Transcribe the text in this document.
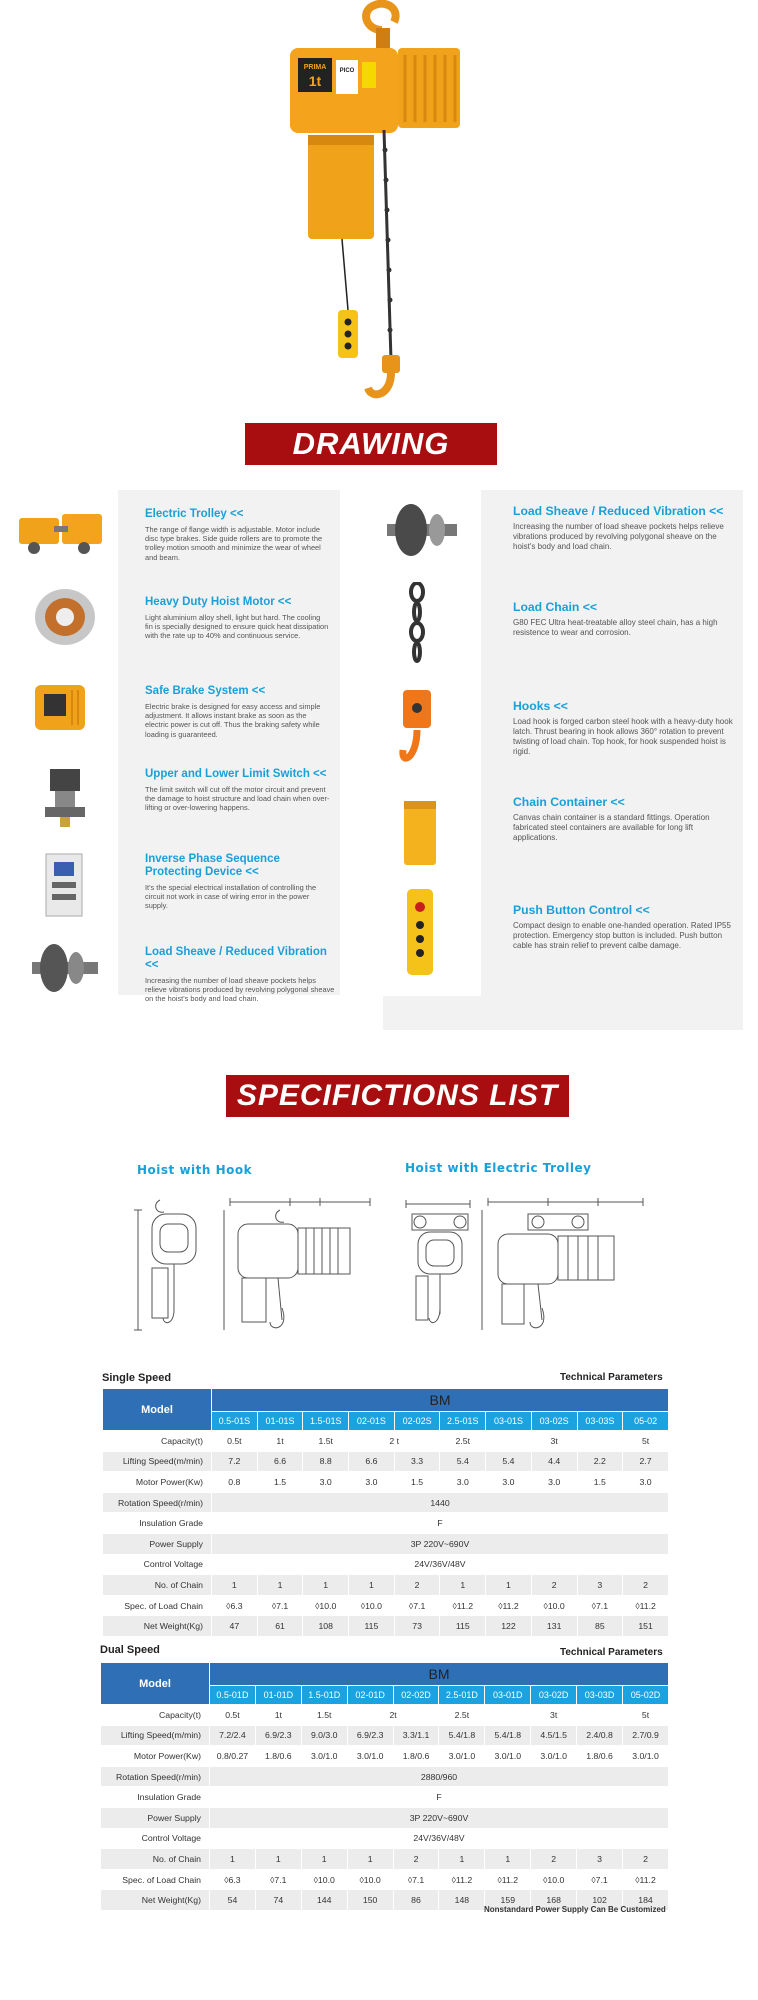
PRIMA
1t
PICO
DRAWING
Electric Trolley <<

The range of flange width is adjustable. Motor include disc type brakes. Side guide rollers are to promote the trolley motion smooth and minimize the wear of wheel and beam.

Heavy Duty Hoist Motor <<

Light aluminium alloy shell, light but hard. The cooling fin is specially designed to ensure quick heat dissipation with the rate up to 40% and continuous service.

Safe Brake System <<

Electric brake is designed for easy access and simple adjustment. It allows instant brake as soon as the electric power is cut off. Thus the braking safety while loading is guaranteed.

Upper and Lower Limit Switch <<

The limit switch will cut off the motor circuit and prevent the damage to hoist structure and load chain when over-lifting or over-lowering happens.

Inverse Phase Sequence
Protecting Device <<

It's the special electrical installation of controlling the circuit not work in case of wiring error in the power supply.

Load Sheave / Reduced Vibration <<

Increasing the number of load sheave pockets helps relieve vibrations produced by revolving polygonal sheave on the hoist's body and load chain.

Load Sheave / Reduced Vibration <<

Increasing the number of load sheave pockets helps relieve vibrations produced by revolving polygonal sheave on the hoist's body and load chain.

Load Chain <<

G80 FEC Ultra heat-treatable alloy steel chain, has a high resistence to wear and corrosion.

Hooks <<

Load hook is forged carbon steel hook with a heavy-duty hook latch. Thrust bearing in hook allows 360° rotation to prevent twisting of load chain. Top hook, for hook suspended hoist is rigid.

Chain Container <<

Canvas chain container is a standard fittings. Operation fabricated steel containers are available for long lift applications.

Push Button Control <<

Compact design to enable one-handed operation. Rated IP55 protection. Emergency stop button is included. Push button cable has strain relief to prevent calbe damage.

SPECIFICTIONS LIST
Hoist with Hook	Hoist with Electric Trolley
Single Speed	Technical Parameters
Model	BM									
	0.5-01S	01-01S	1.5-01S	02-01S	02-02S	2.5-01S	03-01S	03-02S	03-03S	05-02
Capacity(t)	0.5t	1t	1.5t	2 t		2.5t	3t			5t
Lifting Speed(m/min)	7.2	6.6	8.8	6.6	3.3	5.4	5.4	4.4	2.2	2.7
Motor Power(Kw)	0.8	1.5	3.0	3.0	1.5	3.0	3.0	3.0	1.5	3.0
Rotation Speed(r/min)	1440									
Insulation Grade	F									
Power Supply	3P 220V~690V									
Control Voltage	24V/36V/48V									
No. of Chain	1	1	1	1	2	1	1	2	3	2
Spec. of Load Chain	◊6.3	◊7.1	◊10.0	◊10.0	◊7.1	◊11.2	◊11.2	◊10.0	◊7.1	◊11.2
Net Weight(Kg)	47	61	108	115	73	115	122	131	85	151
Dual Speed	Technical Parameters
Model	BM									
	0.5-01D	01-01D	1.5-01D	02-01D	02-02D	2.5-01D	03-01D	03-02D	03-03D	05-02D
Capacity(t)	0.5t	1t	1.5t	2t		2.5t	3t			5t
Lifting Speed(m/min)	7.2/2.4	6.9/2.3	9.0/3.0	6.9/2.3	3.3/1.1	5.4/1.8	5.4/1.8	4.5/1.5	2.4/0.8	2.7/0.9
Motor Power(Kw)	0.8/0.27	1.8/0.6	3.0/1.0	3.0/1.0	1.8/0.6	3.0/1.0	3.0/1.0	3.0/1.0	1.8/0.6	3.0/1.0
Rotation Speed(r/min)	2880/960									
Insulation Grade	F									
Power Supply	3P 220V~690V									
Control Voltage	24V/36V/48V									
No. of Chain	1	1	1	1	2	1	1	2	3	2
Spec. of Load Chain	◊6.3	◊7.1	◊10.0	◊10.0	◊7.1	◊11.2	◊11.2	◊10.0	◊7.1	◊11.2
Net Weight(Kg)	54	74	144	150	86	148	159	168	102	184
Nonstandard Power Supply Can Be Customized
